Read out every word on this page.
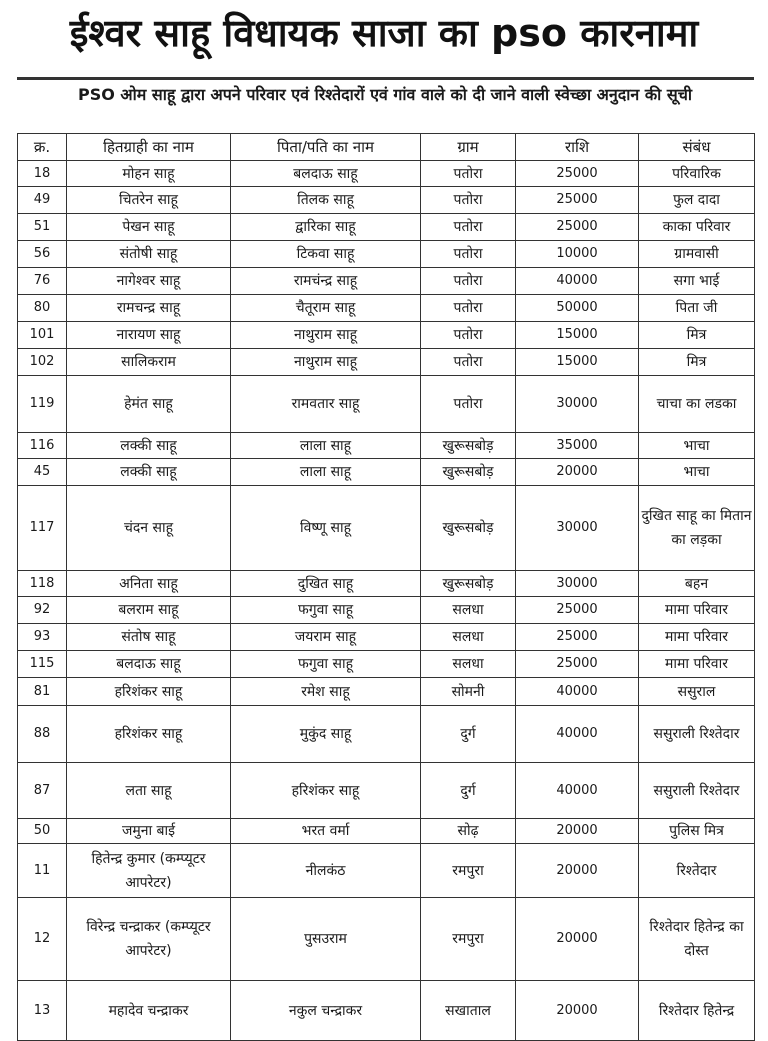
ईश्वर साहू विधायक साजा का pso कारनामा
PSO ओम साहू द्वारा अपने परिवार एवं रिश्तेदारों एवं गांव वाले को दी जाने वाली स्वेच्छा अनुदान की सूची
क्र.	हितग्राही का नाम	पिता/पति का नाम	ग्राम	राशि	संबंध
18	मोहन साहू	बलदाऊ साहू	पतोरा	25000	परिवारिक
49	चितरेन साहू	तिलक साहू	पतोरा	25000	फुल दादा
51	पेखन साहू	द्वारिका साहू	पतोरा	25000	काका परिवार
56	संतोषी साहू	टिकवा साहू	पतोरा	10000	ग्रामवासी
76	नागेश्वर साहू	रामचंन्द्र साहू	पतोरा	40000	सगा भाई
80	रामचन्द्र साहू	चैतूराम साहू	पतोरा	50000	पिता जी
101	नारायण साहू	नाथुराम साहू	पतोरा	15000	मित्र
102	सालिकराम	नाथुराम साहू	पतोरा	15000	मित्र
119	हेमंत साहू	रामवतार साहू	पतोरा	30000	चाचा का लडका
116	लक्की साहू	लाला साहू	खुरूसबोड़	35000	भाचा
45	लक्की साहू	लाला साहू	खुरूसबोड़	20000	भाचा
117	चंदन साहू	विष्णू साहू	खुरूसबोड़	30000	दुखित साहू का मितान का लड़का
118	अनिता साहू	दुखित साहू	खुरूसबोड़	30000	बहन
92	बलराम साहू	फगुवा साहू	सलधा	25000	मामा परिवार
93	संतोष साहू	जयराम साहू	सलधा	25000	मामा परिवार
115	बलदाऊ साहू	फगुवा साहू	सलधा	25000	मामा परिवार
81	हरिशंकर साहू	रमेश साहू	सोमनी	40000	ससुराल
88	हरिशंकर साहू	मुकुंद साहू	दुर्ग	40000	ससुराली रिश्तेदार
87	लता साहू	हरिशंकर साहू	दुर्ग	40000	ससुराली रिश्तेदार
50	जमुना बाई	भरत वर्मा	सोढ़	20000	पुलिस मित्र
11	हितेन्द्र कुमार (कम्प्यूटर आपरेटर)	नीलकंठ	रमपुरा	20000	रिश्तेदार
12	विरेन्द्र चन्द्राकर (कम्प्यूटर आपरेटर)	पुसउराम	रमपुरा	20000	रिश्तेदार हितेन्द्र का दोस्त
13	महादेव चन्द्राकर	नकुल चन्द्राकर	सखाताल	20000	रिश्तेदार हितेन्द्र
